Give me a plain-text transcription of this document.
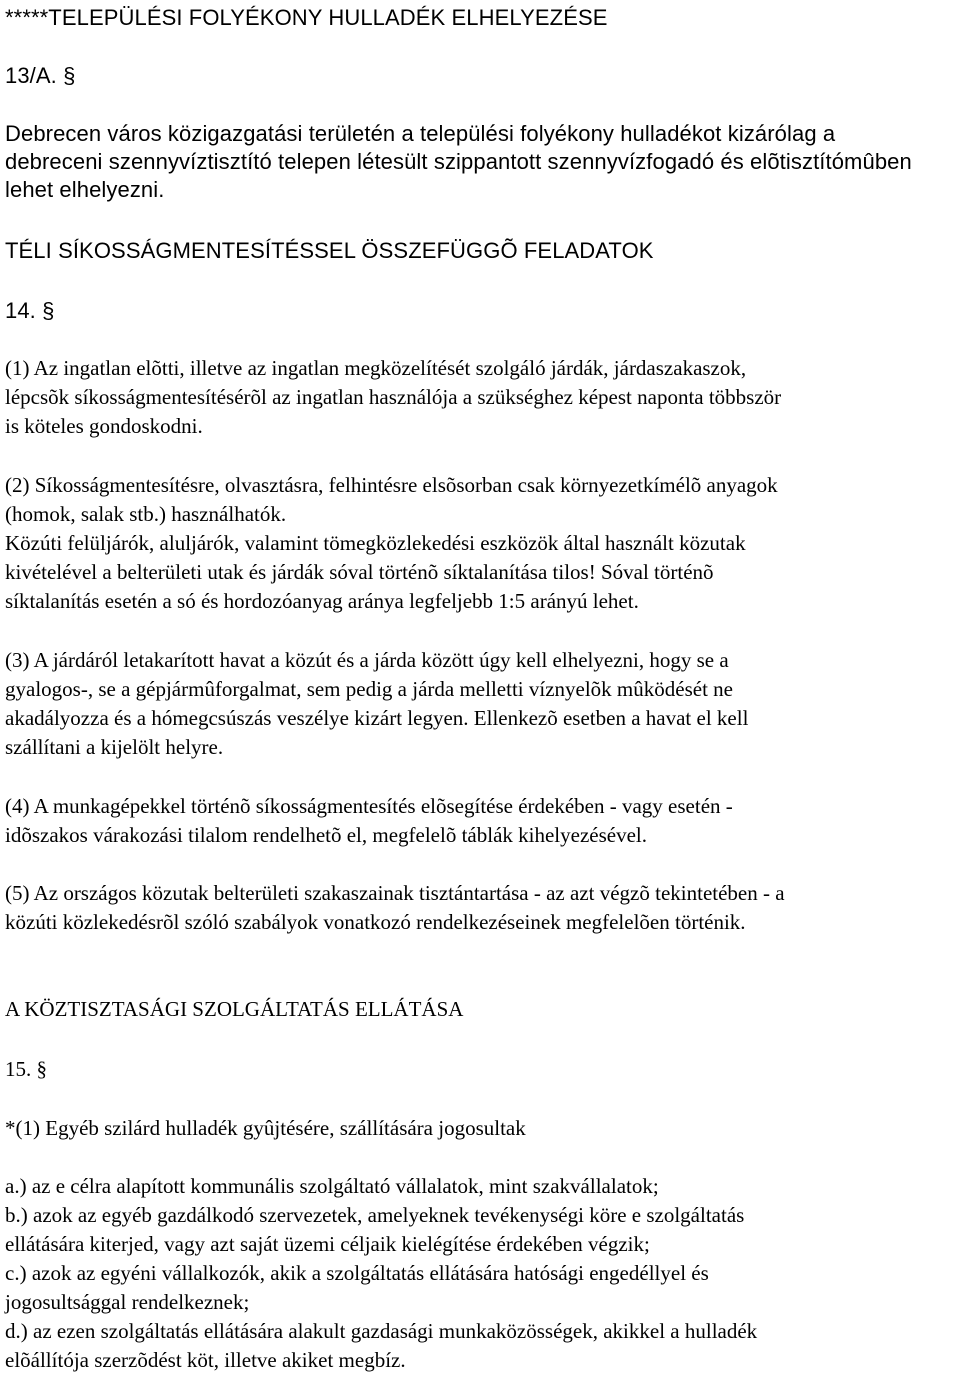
*****TELEPÜLÉSI FOLYÉKONY HULLADÉK ELHELYEZÉSE
13/A. §
Debrecen város közigazgatási területén a települési folyékony hulladékot kizárólag a
debreceni szennyvíztisztító telepen létesült szippantott szennyvízfogadó és elõtisztítómûben
lehet elhelyezni.
TÉLI SÍKOSSÁGMENTESÍTÉSSEL ÖSSZEFÜGGÕ FELADATOK
14. §
(1) Az ingatlan elõtti, illetve az ingatlan megközelítését szolgáló járdák, járdaszakaszok,
lépcsõk síkosságmentesítésérõl az ingatlan használója a szükséghez képest naponta többször
is köteles gondoskodni.
(2) Síkosságmentesítésre, olvasztásra, felhintésre elsõsorban csak környezetkímélõ anyagok
(homok, salak stb.) használhatók.
Közúti felüljárók, aluljárók, valamint tömegközlekedési eszközök által használt közutak
kivételével a belterületi utak és járdák sóval történõ síktalanítása tilos! Sóval történõ
síktalanítás esetén a só és hordozóanyag aránya legfeljebb 1:5 arányú lehet.
(3) A járdáról letakarított havat a közút és a járda között úgy kell elhelyezni, hogy se a
gyalogos-, se a gépjármûforgalmat, sem pedig a járda melletti víznyelõk mûködését ne
akadályozza és a hómegcsúszás veszélye kizárt legyen. Ellenkezõ esetben a havat el kell
szállítani a kijelölt helyre.
(4) A munkagépekkel történõ síkosságmentesítés elõsegítése érdekében - vagy esetén -
idõszakos várakozási tilalom rendelhetõ el, megfelelõ táblák kihelyezésével.
(5) Az országos közutak belterületi szakaszainak tisztántartása - az azt végzõ tekintetében - a
közúti közlekedésrõl szóló szabályok vonatkozó rendelkezéseinek megfelelõen történik.
A KÖZTISZTASÁGI SZOLGÁLTATÁS ELLÁTÁSA
15. §
*(1) Egyéb szilárd hulladék gyûjtésére, szállítására jogosultak
a.) az e célra alapított kommunális szolgáltató vállalatok, mint szakvállalatok;
b.) azok az egyéb gazdálkodó szervezetek, amelyeknek tevékenységi köre e szolgáltatás
ellátására kiterjed, vagy azt saját üzemi céljaik kielégítése érdekében végzik;
c.) azok az egyéni vállalkozók, akik a szolgáltatás ellátására hatósági engedéllyel és
jogosultsággal rendelkeznek;
d.) az ezen szolgáltatás ellátására alakult gazdasági munkaközösségek, akikkel a hulladék
elõállítója szerzõdést köt, illetve akiket megbíz.
